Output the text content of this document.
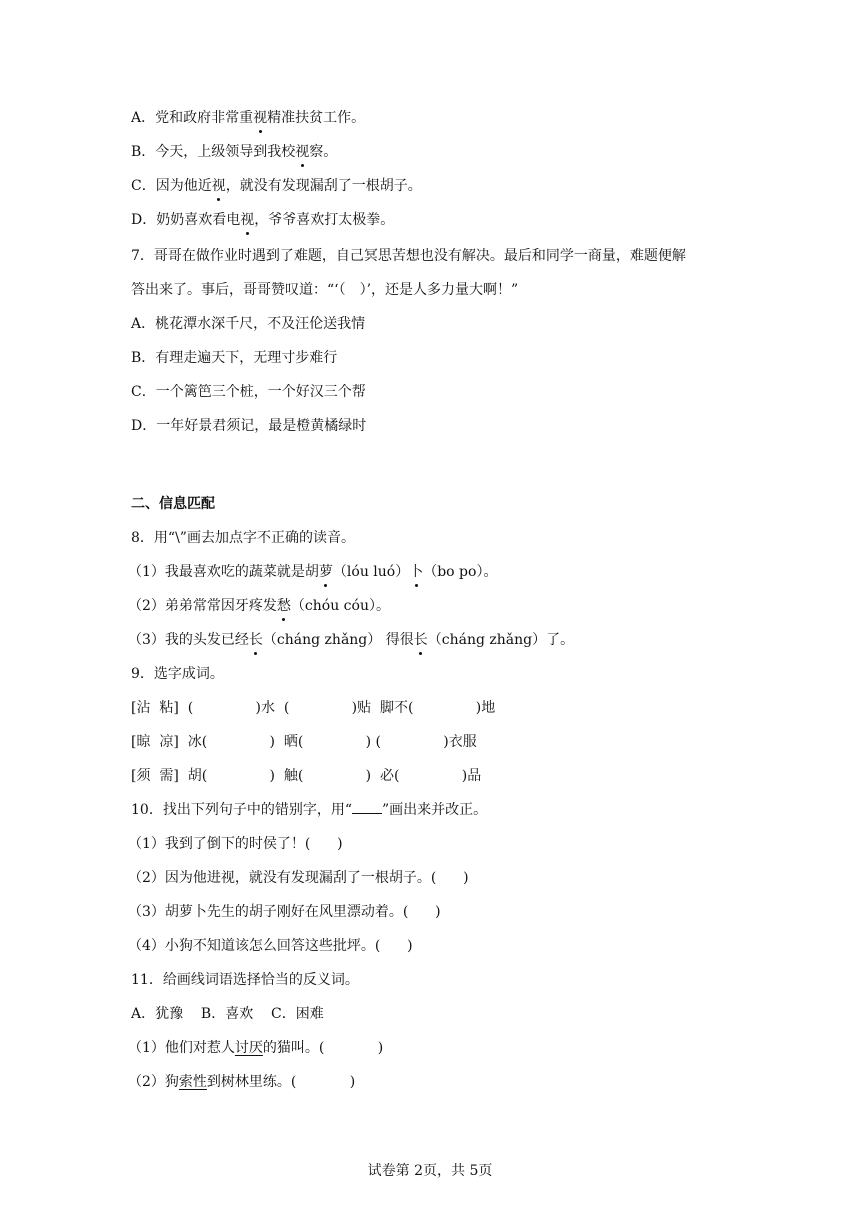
A．党和政府非常重视精准扶贫工作。
B．今天，上级领导到我校视察。
C．因为他近视，就没有发现漏刮了一根胡子。
D．奶奶喜欢看电视，爷爷喜欢打太极拳。
7．哥哥在做作业时遇到了难题，自己冥思苦想也没有解决。最后和同学一商量，难题便解
答出来了。事后，哥哥赞叹道：“‘（　）’，还是人多力量大啊！”
A．桃花潭水深千尺，不及汪伦送我情
B．有理走遍天下，无理寸步难行
C．一个篱笆三个桩，一个好汉三个帮
D．一年好景君须记，最是橙黄橘绿时
二、信息匹配
8．用“\”画去加点字不正确的读音。
（1）我最喜欢吃的蔬菜就是胡萝（lóu luó）卜（bo po）。
（2）弟弟常常因牙疼发愁（chóu cóu）。
（3）我的头发已经长（cháng zhǎng） 得很长（cháng zhǎng）了。
9．选字成词。
[沾  粘]  (              )水  (              )贴  脚不(              )地
[晾  凉]  冰(              )  晒(              ) (              )衣服
[须  需]  胡(              )  触(              )  必(              )品
10．找出下列句子中的错别字，用“ ”画出来并改正。
（1）我到了倒下的时侯了！(      )
（2）因为他进视，就没有发现漏刮了一根胡子。(      )
（3）胡萝卜先生的胡子刚好在风里漂动着。(      )
（4）小狗不知道该怎么回答这些批坪。(      )
11．给画线词语选择恰当的反义词。
A．犹豫    B．喜欢    C．困难
（1）他们对惹人讨厌的猫叫。(            )
（2）狗索性到树林里练。(            )
试卷第 2页，共 5页
